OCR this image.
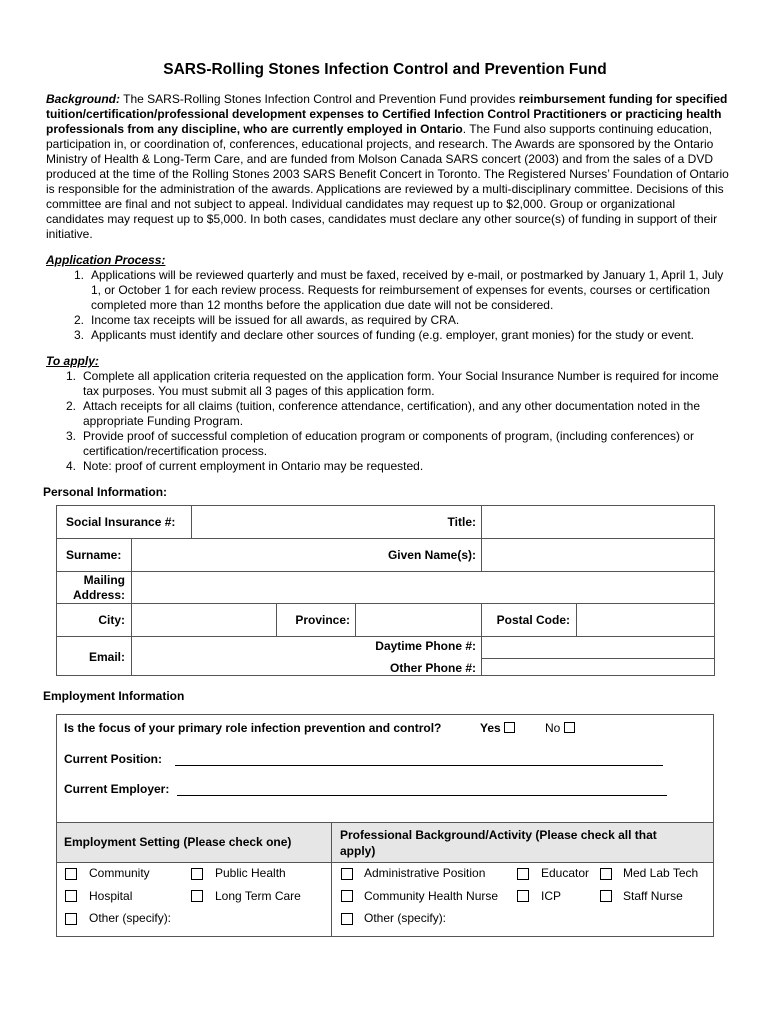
SARS-Rolling Stones Infection Control and Prevention Fund
Background: The SARS-Rolling Stones Infection Control and Prevention Fund provides reimbursement funding for specified tuition/certification/professional development expenses to Certified Infection Control Practitioners or practicing health professionals from any discipline, who are currently employed in Ontario. The Fund also supports continuing education, participation in, or coordination of, conferences, educational projects, and research. The Awards are sponsored by the Ontario Ministry of Health & Long-Term Care, and are funded from Molson Canada SARS concert (2003) and from the sales of a DVD produced at the time of the Rolling Stones 2003 SARS Benefit Concert in Toronto. The Registered Nurses’ Foundation of Ontario is responsible for the administration of the awards. Applications are reviewed by a multi-disciplinary committee. Decisions of this committee are final and not subject to appeal. Individual candidates may request up to $2,000. Group or organizational candidates may request up to $5,000. In both cases, candidates must declare any other source(s) of funding in support of their initiative.
Application Process:
1. Applications will be reviewed quarterly and must be faxed, received by e-mail, or postmarked by January 1, April 1, July 1, or October 1 for each review process. Requests for reimbursement of expenses for events, courses or certification completed more than 12 months before the application due date will not be considered.
2. Income tax receipts will be issued for all awards, as required by CRA.
3. Applicants must identify and declare other sources of funding (e.g. employer, grant monies) for the study or event.
To apply:
1. Complete all application criteria requested on the application form. Your Social Insurance Number is required for income tax purposes. You must submit all 3 pages of this application form.
2. Attach receipts for all claims (tuition, conference attendance, certification), and any other documentation noted in the appropriate Funding Program.
3. Provide proof of successful completion of education program or components of program, (including conferences) or certification/recertification process.
4. Note: proof of current employment in Ontario may be requested.
Personal Information:
Social Insurance #:	Title:
Surname:	Given Name(s):
Mailing
Address:
City:	Province:	Postal Code:
Email:
Daytime Phone #:
Other Phone #:
Employment Information
Is the focus of your primary role infection prevention and control?	Yes	No
Current Position:
Current Employer:
Employment Setting (Please check one)	Professional Background/Activity (Please check all that apply)
Community	Public Health
Hospital	Long Term Care
Other (specify):
Administrative Position	Educator	Med Lab Tech
Community Health Nurse	ICP	Staff Nurse
Other (specify):
